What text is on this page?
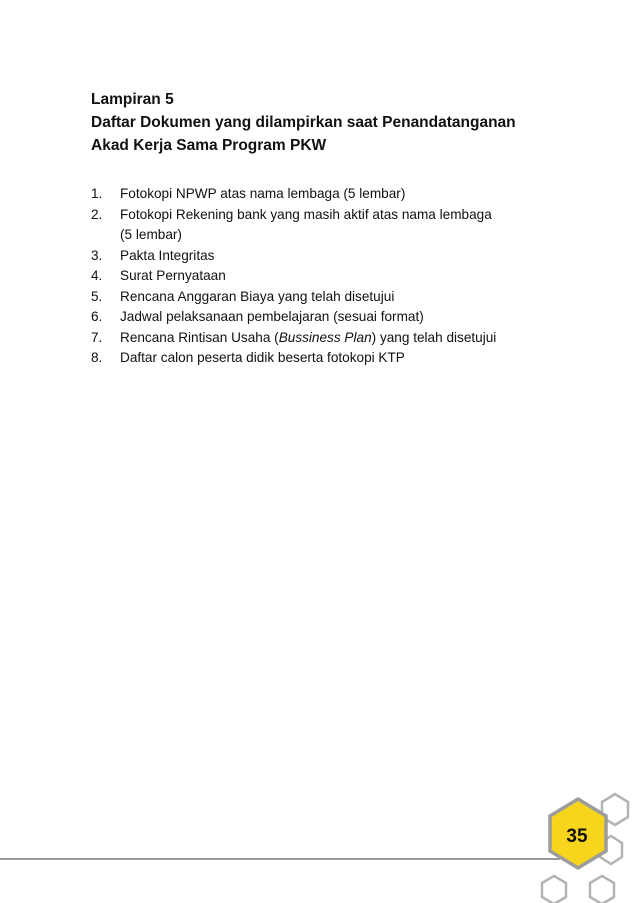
Lampiran 5

Daftar Dokumen yang dilampirkan saat Penandatanganan

Akad Kerja Sama Program PKW

1. Fotokopi NPWP atas nama lembaga (5 lembar)
2. Fotokopi Rekening bank yang masih aktif atas nama lembaga
(5 lembar)
3. Pakta Integritas
4. Surat Pernyataan
5. Rencana Anggaran Biaya yang telah disetujui
6. Jadwal pelaksanaan pembelajaran (sesuai format)
7. Rencana Rintisan Usaha (Bussiness Plan) yang telah disetujui
8. Daftar calon peserta didik beserta fotokopi KTP
35
